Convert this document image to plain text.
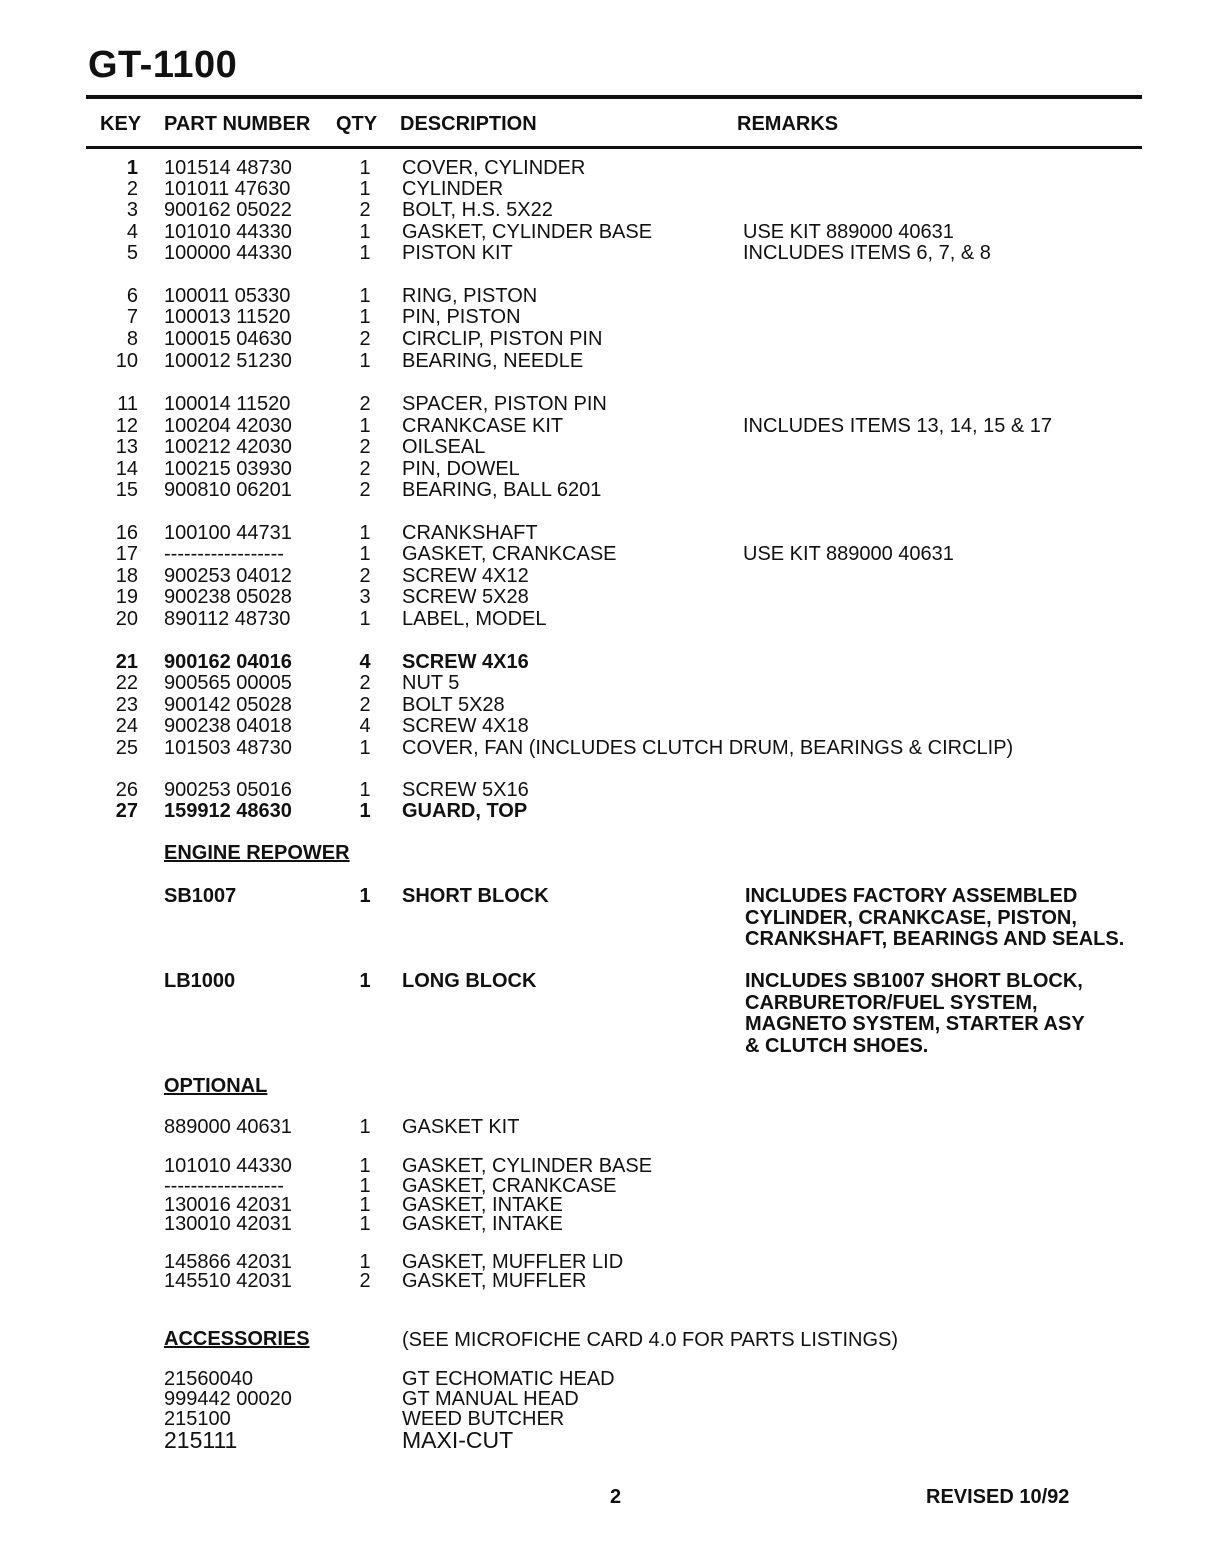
GT-1100
KEY PART NUMBER QTY DESCRIPTION	REMARKS
1 101514 48730	1 COVER, CYLINDER
2 101011 47630	1 CYLINDER
3 900162 05022	2 BOLT, H.S. 5X22
4 101010 44330	1 GASKET, CYLINDER BASE	USE KIT 889000 40631
5 100000 44330	1 PISTON KIT	INCLUDES ITEMS 6, 7, & 8
6 100011 05330	1 RING, PISTON
7 100013 11520	1 PIN, PISTON
8 100015 04630	2 CIRCLIP, PISTON PIN
10 100012 51230	1 BEARING, NEEDLE
11 100014 11520	2 SPACER, PISTON PIN
12 100204 42030	1 CRANKCASE KIT	INCLUDES ITEMS 13, 14, 15 & 17
13 100212 42030	2 OILSEAL
14 100215 03930	2 PIN, DOWEL
15 900810 06201	2 BEARING, BALL 6201
16 100100 44731	1 CRANKSHAFT
17 ------------------	1 GASKET, CRANKCASE	USE KIT 889000 40631
18 900253 04012	2 SCREW 4X12
19 900238 05028	3 SCREW 5X28
20 890112 48730	1 LABEL, MODEL
21 900162 04016	4 SCREW 4X16
22 900565 00005	2 NUT 5
23 900142 05028	2 BOLT 5X28
24 900238 04018	4 SCREW 4X18
25 101503 48730	1 COVER, FAN (INCLUDES CLUTCH DRUM, BEARINGS & CIRCLIP)
26 900253 05016	1 SCREW 5X16
27 159912 48630	1 GUARD, TOP
ENGINE REPOWER
SB1007	1 SHORT BLOCK	INCLUDES FACTORY ASSEMBLED
CYLINDER, CRANKCASE, PISTON,
CRANKSHAFT, BEARINGS AND SEALS.
LB1000	1 LONG BLOCK	INCLUDES SB1007 SHORT BLOCK,
CARBURETOR/FUEL SYSTEM,
MAGNETO SYSTEM, STARTER ASY
& CLUTCH SHOES.
OPTIONAL
889000 40631	1 GASKET KIT
101010 44330	1 GASKET, CYLINDER BASE
------------------	1 GASKET, CRANKCASE
130016 42031	1 GASKET, INTAKE
130010 42031	1 GASKET, INTAKE
145866 42031	1 GASKET, MUFFLER LID
145510 42031	2 GASKET, MUFFLER
ACCESSORIES	(SEE MICROFICHE CARD 4.0 FOR PARTS LISTINGS)
21560040	GT ECHOMATIC HEAD
999442 00020	GT MANUAL HEAD
215100	WEED BUTCHER
215111	MAXI-CUT
2	REVISED 10/92
